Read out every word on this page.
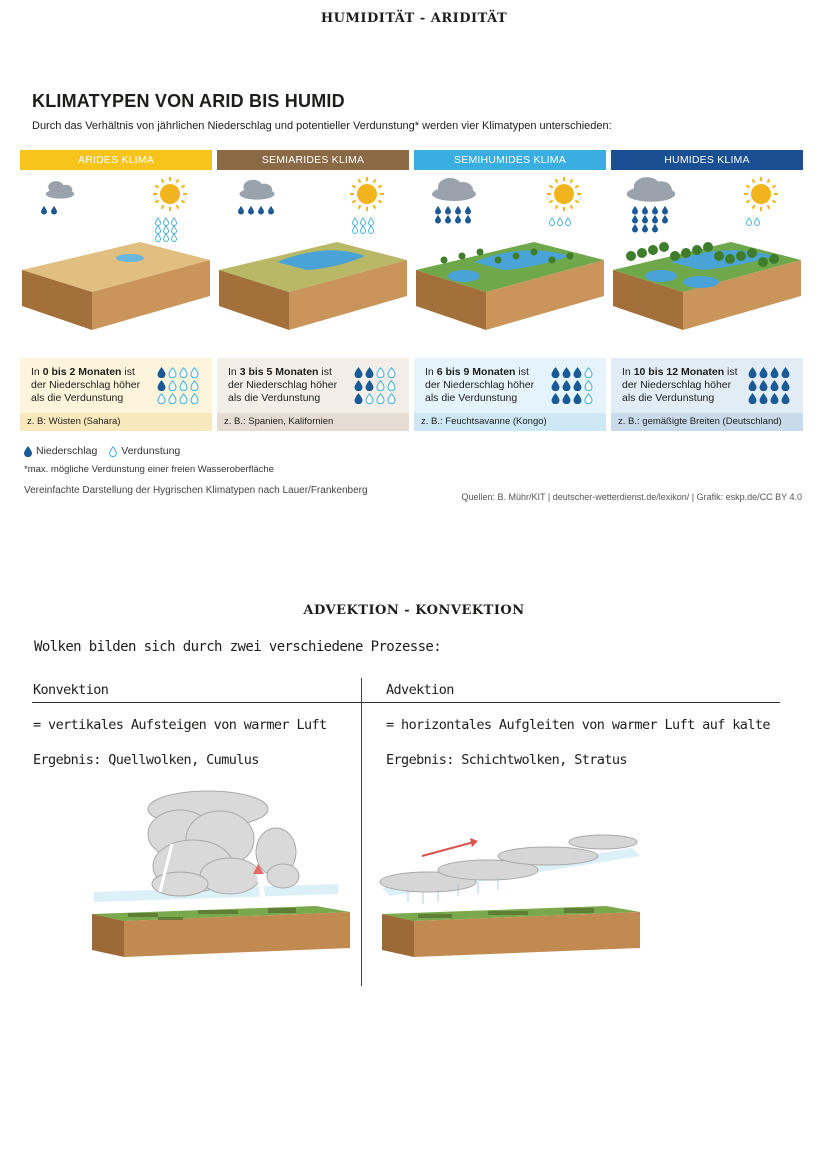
HUMIDITÄT - ARIDITÄT
KLIMATYPEN VON ARID BIS HUMID
Durch das Verhältnis von jährlichen Niederschlag und potentieller Verdunstung* werden vier Klimatypen unterschieden:
ARIDES KLIMA
In 0 bis 2 Monaten ist der Niederschlag höher als die Verdunstung
z. B: Wüsten (Sahara)
SEMIARIDES KLIMA
In 3 bis 5 Monaten ist der Niederschlag höher als die Verdunstung
z. B.: Spanien, Kalifornien
SEMIHUMIDES KLIMA
In 6 bis 9 Monaten ist der Niederschlag höher als die Verdunstung
z. B.: Feuchtsavanne (Kongo)
HUMIDES KLIMA
In 10 bis 12 Monaten ist der Niederschlag höher als die Verdunstung
z. B.: gemäßigte Breiten (Deutschland)
Niederschlag Verdunstung
*max. mögliche Verdunstung einer freien Wasseroberfläche
Vereinfachte Darstellung der Hygrischen Klimatypen nach Lauer/Frankenberg
Quellen: B. Mühr/KIT | deutscher-wetterdienst.de/lexikon/ | Grafik: eskp.de/CC BY 4.0
ADVEKTION - KONVEKTION
Wolken bilden sich durch zwei verschiedene Prozesse:
Konvektion	Advektion
= vertikales Aufsteigen von warmer Luft	= horizontales Aufgleiten von warmer Luft auf kalte
Ergebnis: Quellwolken, Cumulus	Ergebnis: Schichtwolken, Stratus
